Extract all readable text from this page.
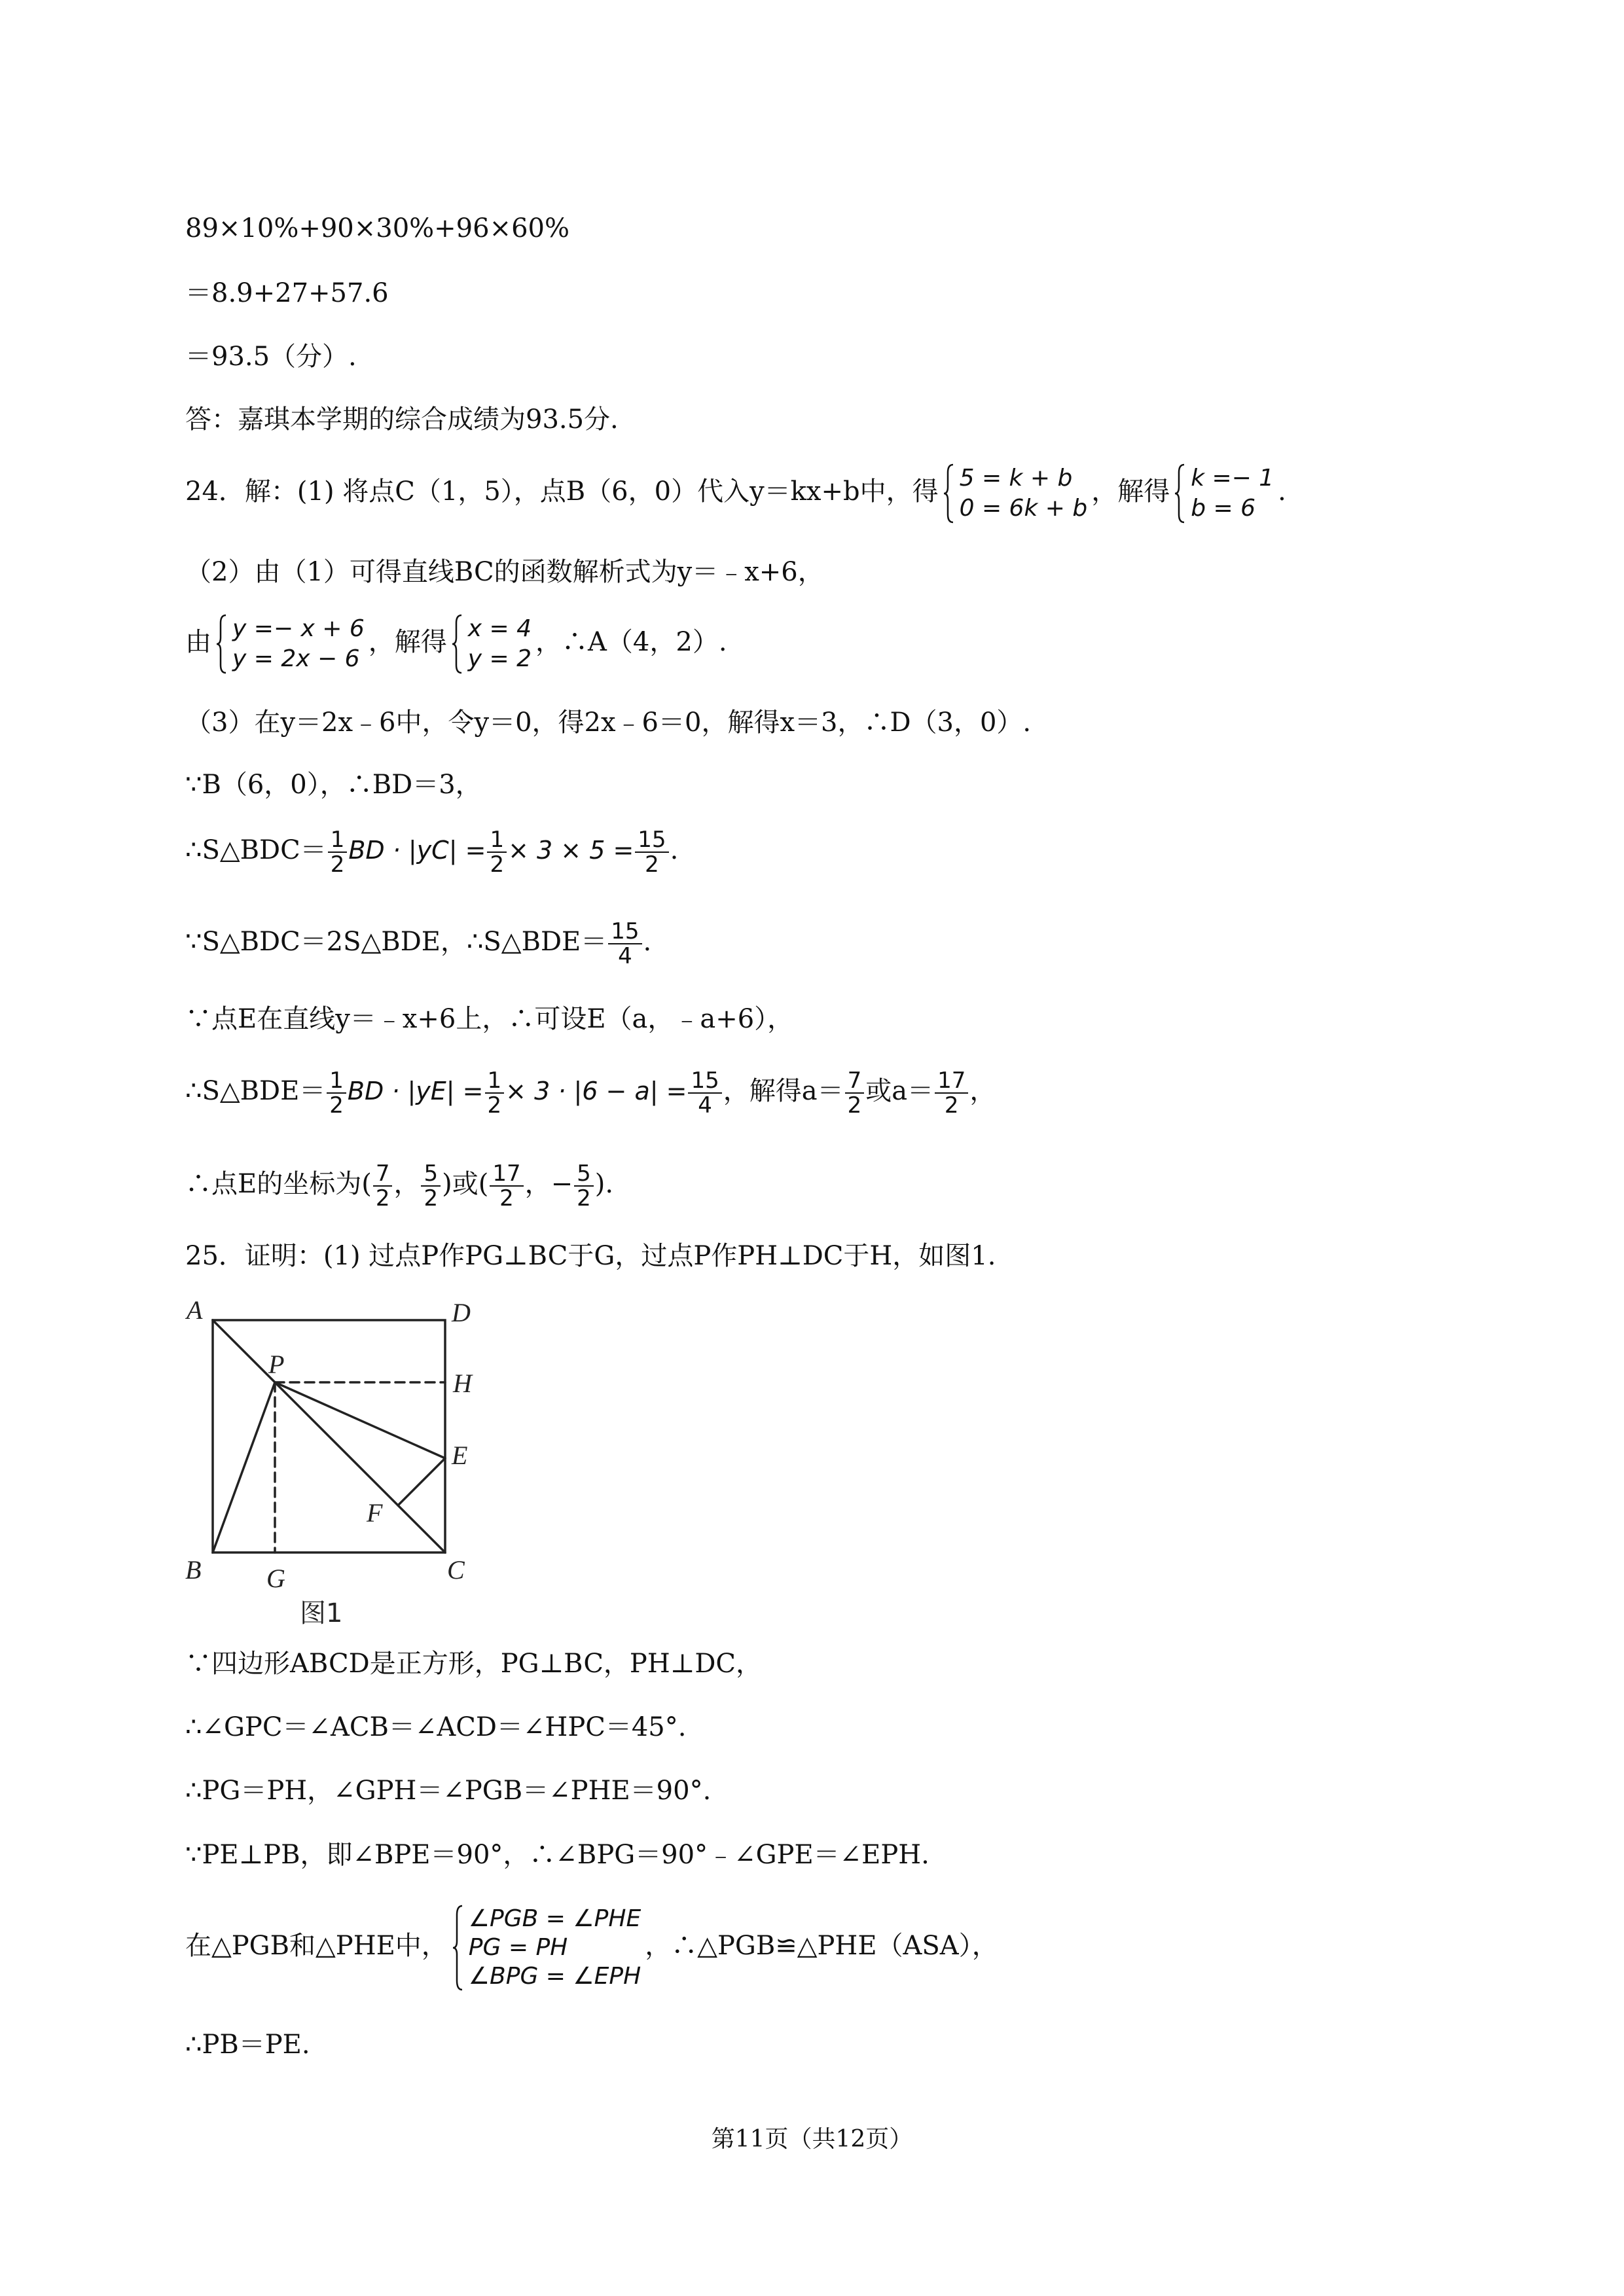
89×10%+90×30%+96×60%
＝8.9+27+57.6
＝93.5（分）.
答：嘉琪本学期的综合成绩为93.5分.
24．解：(1) 将点C（1，5），点B（6，0）代入y＝kx+b中，得 5 = k + b
0 = 6k + b
，解得 k =− 1
b = 6
.
（2）由（1）可得直线BC的函数解析式为y＝﹣x+6，
由 y =− x + 6
y = 2x − 6
，解得 x = 4
y = 2
，∴A（4，2）.
（3）在y＝2x﹣6中，令y＝0，得2x﹣6＝0，解得x＝3，∴D（3，0）.
∵B（6，0），∴BD＝3，
∴S△BDC＝ $\frac{1}{2}$ BD · $|yC| = \frac{1}{2} \times 3 \times 5 = \frac{15}{2}$ .
∵S△BDC＝2S△BDE，∴S△BDE＝ $\frac{15}{4}$ .
∵点E在直线y＝﹣x+6上，∴可设E（a，﹣a+6），
∴S△BDE＝ $\frac{1}{2}$ BD · $|yE| = \frac{1}{2} \times 3 \cdot |6 - a| = \frac{15}{4}$ ，解得$a= \frac{7}{2}$ 或$a= \frac{17}{2}$ ，
∴点E的坐标为( $\frac{7}{2}$ ， $\frac{5}{2}$ )或( $\frac{17}{2}$ ，− $\frac{5}{2}$ ).
25．证明：(1) 过点P作PG⊥BC于G，过点P作PH⊥DC于H，如图1.
A	D
P
H
E
F
B G	C
图1
∵四边形ABCD是正方形，PG⊥BC，PH⊥DC，
∴∠GPC＝∠ACB＝∠ACD＝∠HPC＝45°.
∴PG＝PH，∠GPH＝∠PGB＝∠PHE＝90°.
∵PE⊥PB，即∠BPE＝90°，∴∠BPG＝90°﹣∠GPE＝∠EPH.
在△PGB和△PHE中，
∠PGB = ∠PHE
PG = PH
∠BPG = ∠EPH
，∴△PGB≌△PHE（ASA），
∴PB＝PE.
第11页（共12页）
